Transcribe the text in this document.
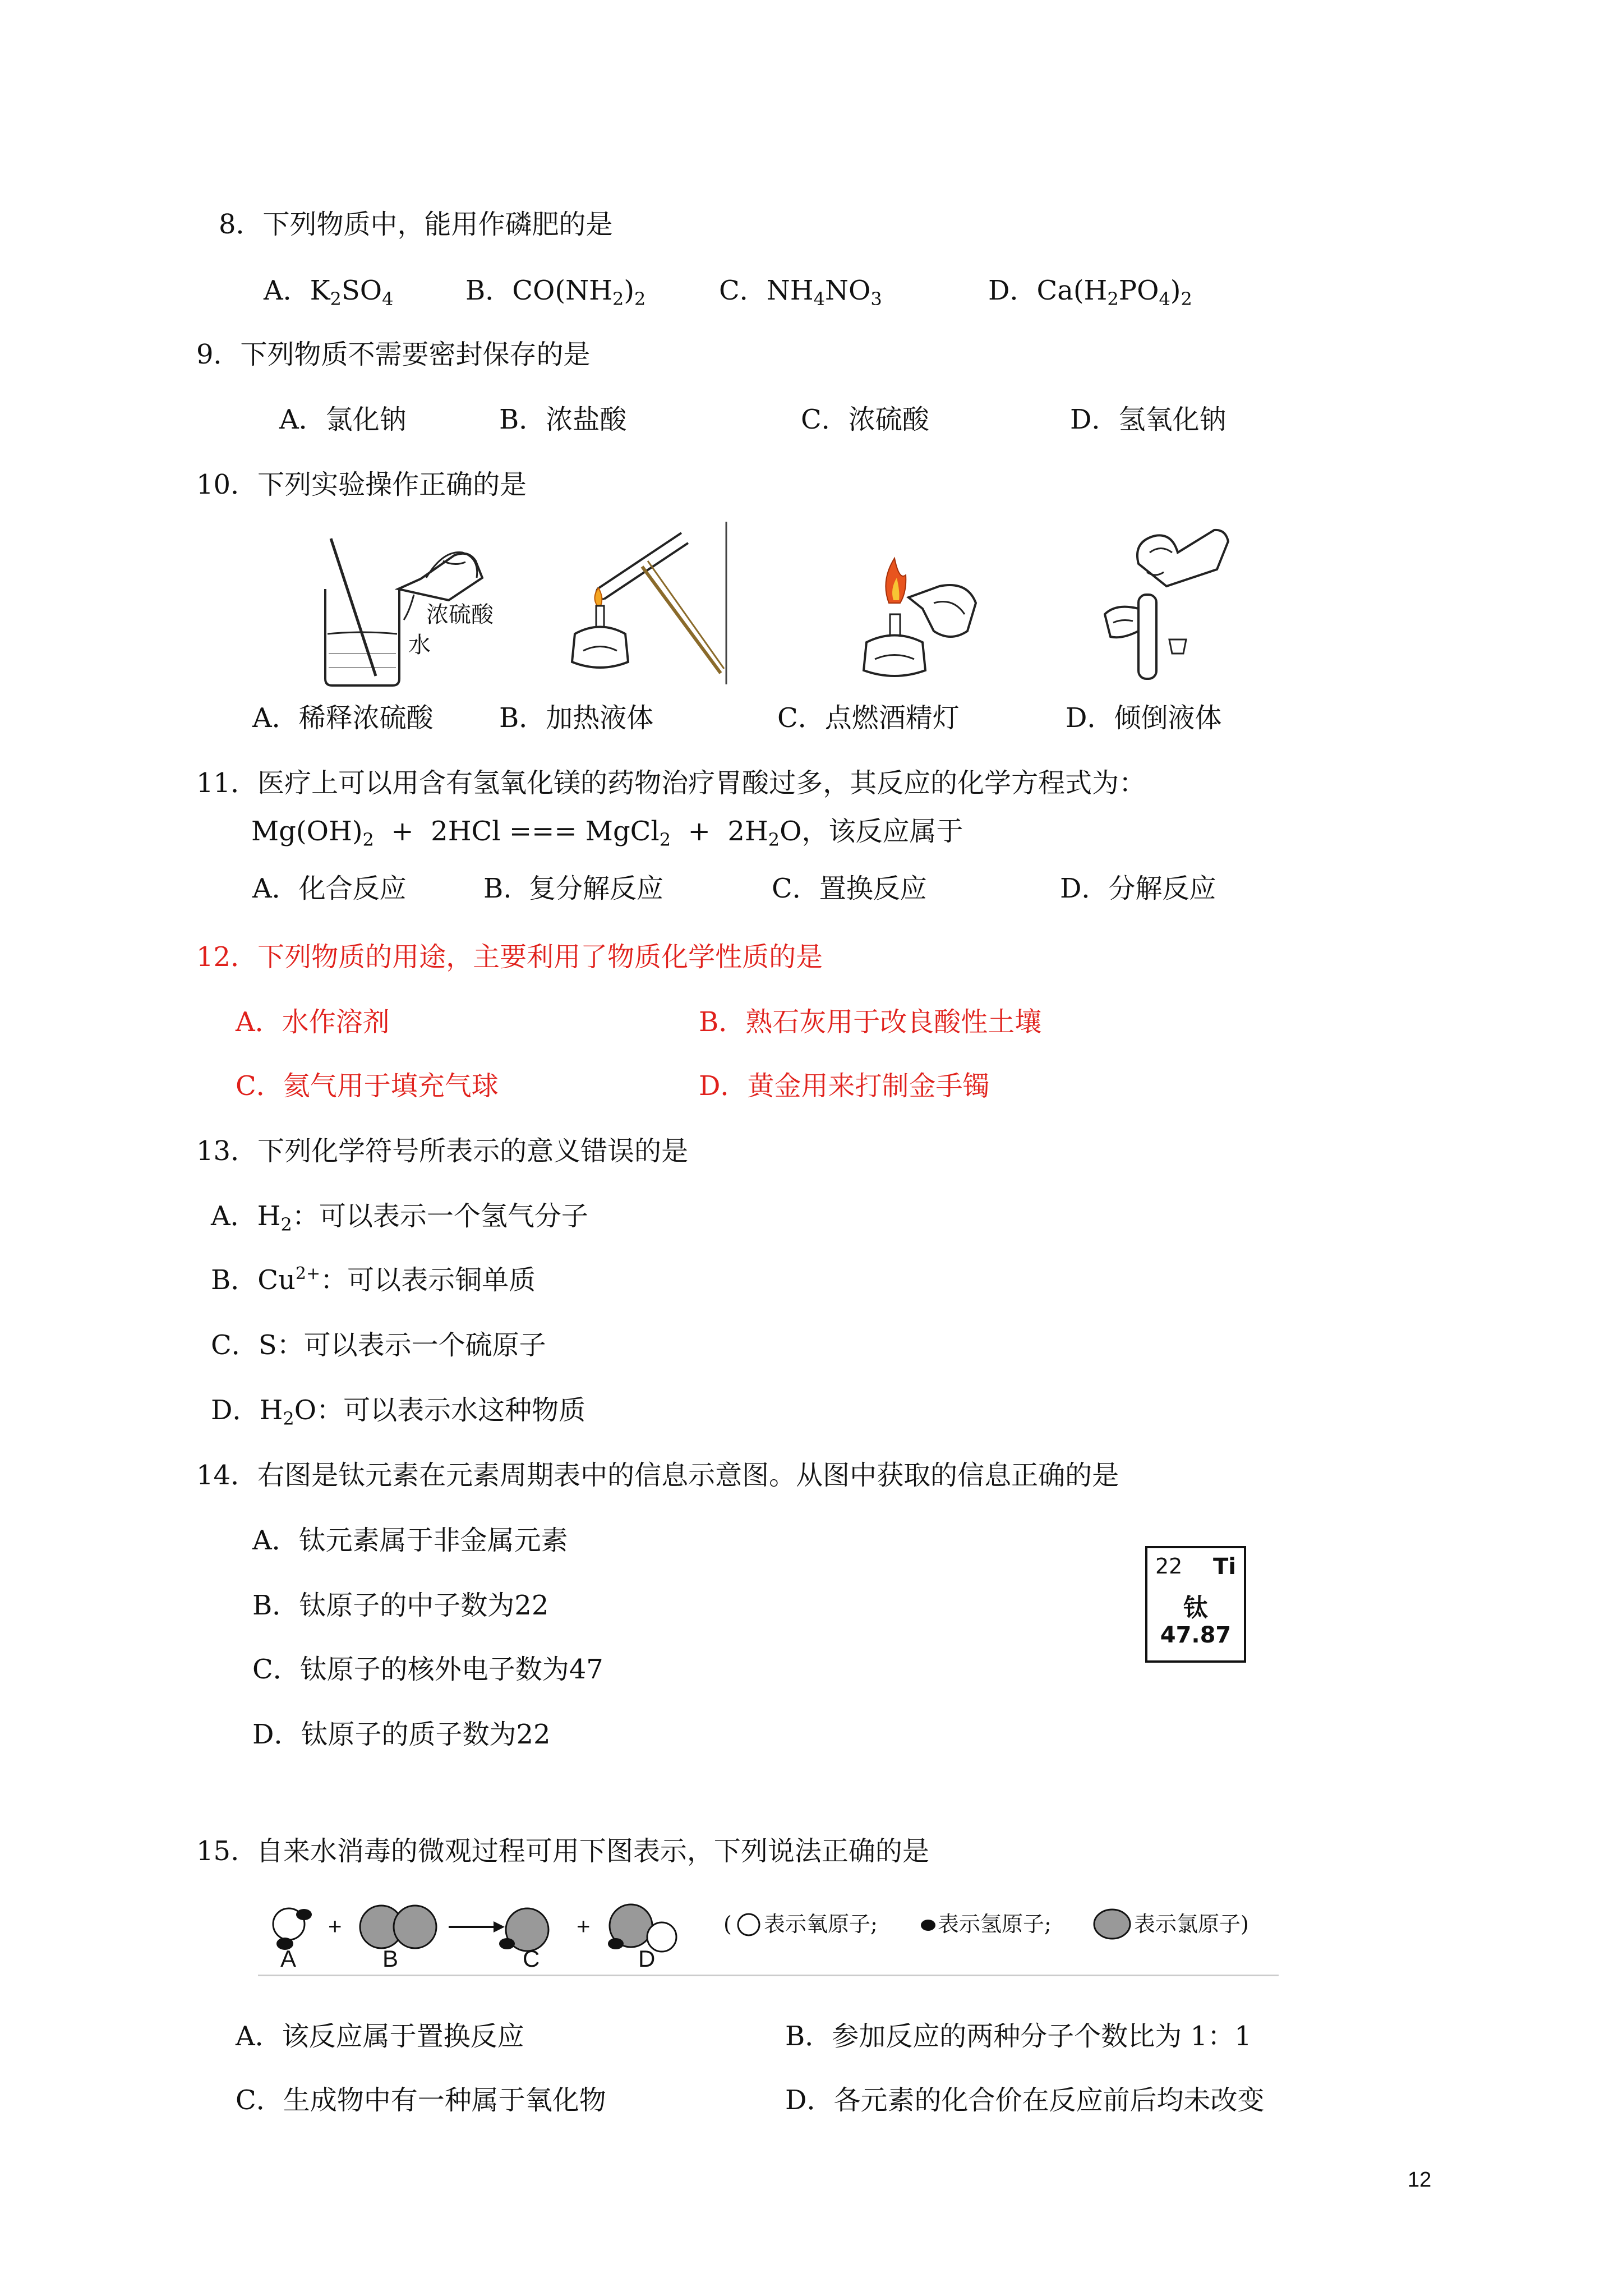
8．下列物质中，能用作磷肥的是
A．$K_2SO_4$	B．$CO(NH_2)_2$	C．$NH_4NO_3$	D．$Ca(H_2PO_4)_2$
9．下列物质不需要密封保存的是
A．氯化钠	B．浓盐酸	C．浓硫酸	D．氢氧化钠
10．下列实验操作正确的是
浓硫酸
水
A．稀释浓硫酸 B．加热液体	C．点燃酒精灯	D．倾倒液体
11．医疗上可以用含有氢氧化镁的药物治疗胃酸过多，其反应的化学方程式为：
$Mg(OH)_2 + 2HCl$ === MgCl$_2$  +  $2H_2O$，该反应属于
A．化合反应	B.  复分解反应	C．置换反应	D．分解反应
12．下列物质的用途，主要利用了物质化学性质的是
A．水作溶剂	B．熟石灰用于改良酸性土壤
C．氦气用于填充气球	D．黄金用来打制金手镯
13．下列化学符号所表示的意义错误的是
A．$H_2$：可以表示一个氢气分子
B．$Cu^{2+}$：可以表示铜单质
C．S：可以表示一个硫原子
D．$H_2O$：可以表示水这种物质
14．右图是钛元素在元素周期表中的信息示意图。从图中获取的信息正确的是
A．钛元素属于非金属元素
B．钛原子的中子数为22
C．钛原子的核外电子数为47
D．钛原子的质子数为22
22 Ti
钛
47.87
15.  自来水消毒的微观过程可用下图表示，下列说法正确的是
+	+
A	B	C	D
( 表示氧原子;	表示氢原子;	表示氯原子)
A．该反应属于置换反应	B．参加反应的两种分子个数比为 1：1
C．生成物中有一种属于氧化物	D．各元素的化合价在反应前后均未改变
12
